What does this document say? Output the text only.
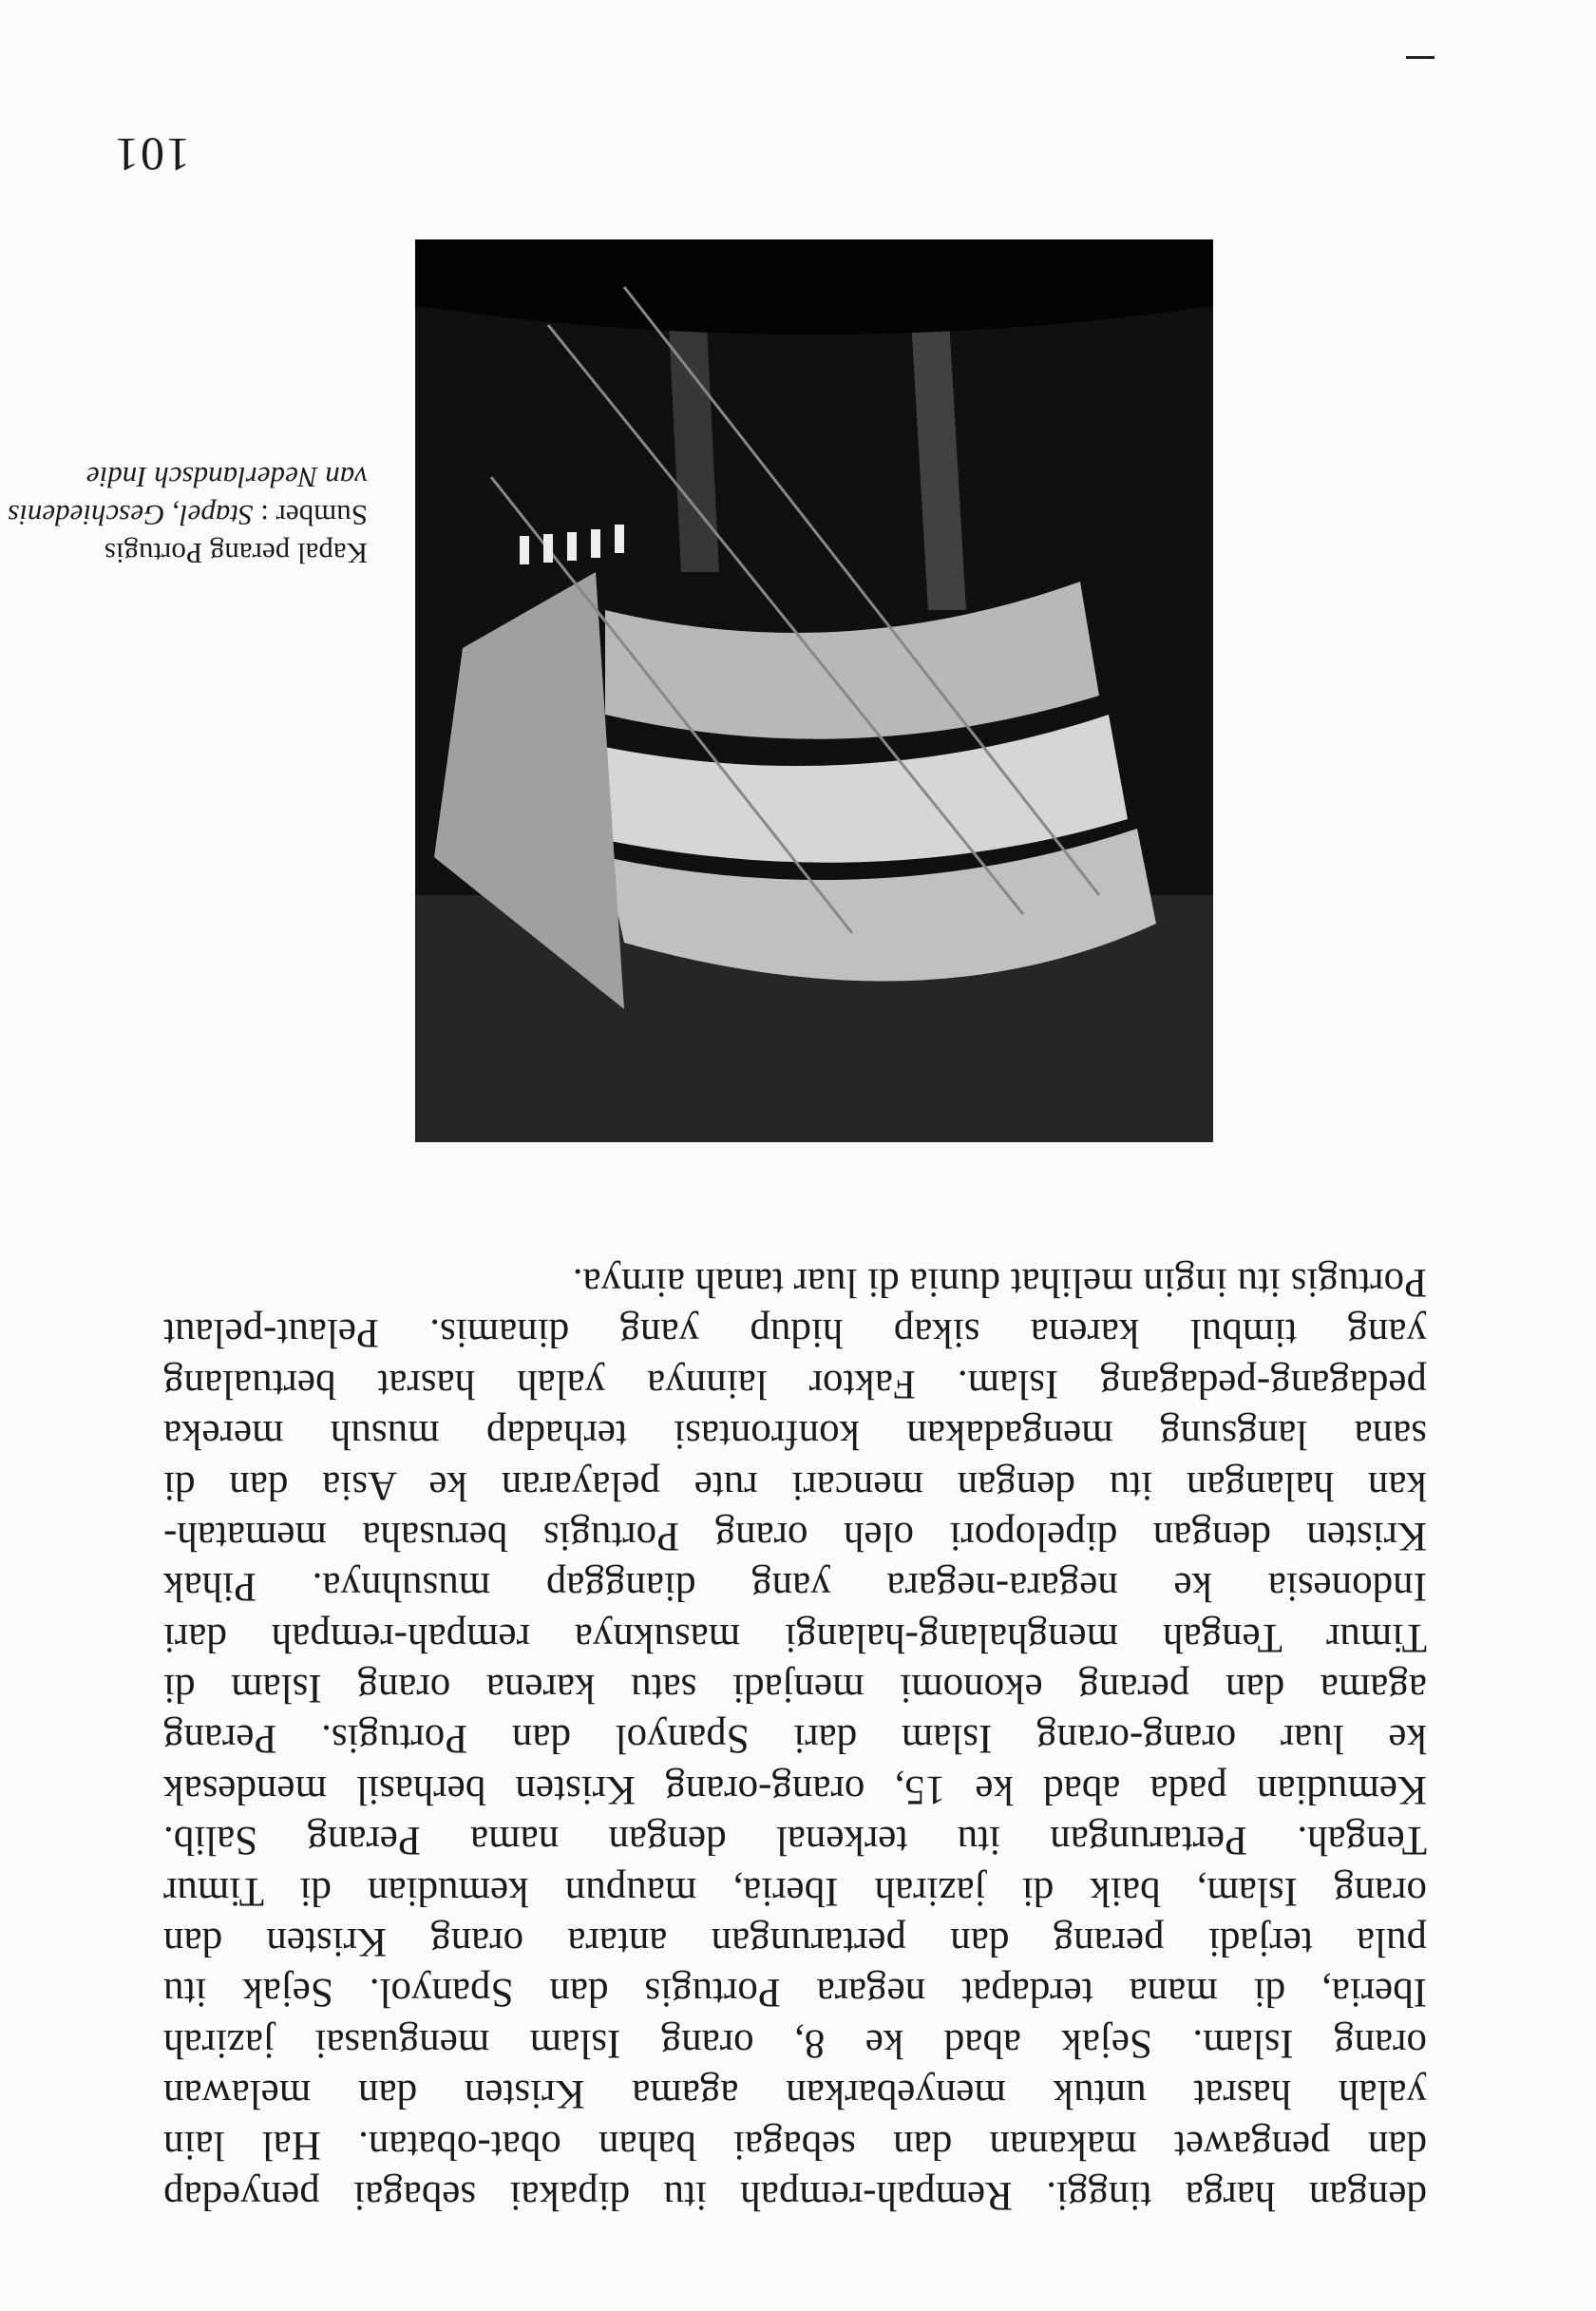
101
dengan harga tinggi. Rempah-rempah itu dipakai sebagai penyedap
dan pengawet makanan dan sebagai bahan obat-obatan. Hal lain
yalah hasrat untuk menyebarkan agama Kristen dan melawan
orang Islam. Sejak abad ke 8, orang Islam menguasai jazirah
Iberia, di mana terdapat negara Portugis dan Spanyol. Sejak itu
pula terjadi perang dan pertarungan antara orang Kristen dan
orang Islam, baik di jazirah Iberia, maupun kemudian di Timur
Tengah. Pertarungan itu terkenal dengan nama Perang Salib.
Kemudian pada abad ke 15, orang-orang Kristen berhasil mendesak
ke luar orang-orang Islam dari Spanyol dan Portugis. Perang
agama dan perang ekonomi menjadi satu karena orang Islam di
Timur Tengah menghalang-halangi masuknya rempah-rempah dari
Indonesia ke negara-negara yang dianggap musuhnya. Pihak
Kristen dengan dipelopori oleh orang Portugis berusaha mematah-
kan halangan itu dengan mencari rute pelayaran ke Asia dan di
sana langsung mengadakan konfrontasi terhadap musuh mereka
pedagang-pedagang Islam. Faktor lainnya yalah hasrat bertualang
yang timbul karena sikap hidup yang dinamis. Pelaut-pelaut
Portugis itu ingin melihat dunia di luar tanah airnya.
Kapal perang Portugis
Sumber : Stapel, Geschiedenis
van Nederlandsch Indie
